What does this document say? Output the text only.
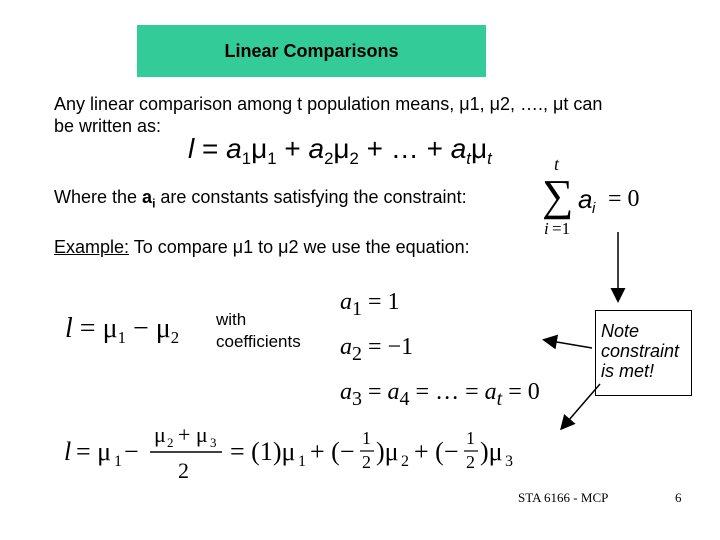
Linear Comparisons
Any linear comparison among t population means, μ1, μ2, …., μt can
be written as:
$l = a_1\mu_1 + a_2\mu_2$ + … + $a_t\mu_t$
Where the $a_i$ are constants satisfying the constraint:
t
∑ a i = 0
i =1
Example: To compare μ1 to μ2 we use the equation:
$l = \mu_1 - \mu_2$
with
coefficients
$a_1 = 1$
$a_2 = -1$
$a_3 = a_4$ = … = $a_t = 0$
Note
constraint
is met!
l = μ 1 −
μ 2 + μ 3
2
= (1)μ 1 + (− 1
2 )μ 2 + (− 1
2 )μ 3
STA 6166 - MCP	6
